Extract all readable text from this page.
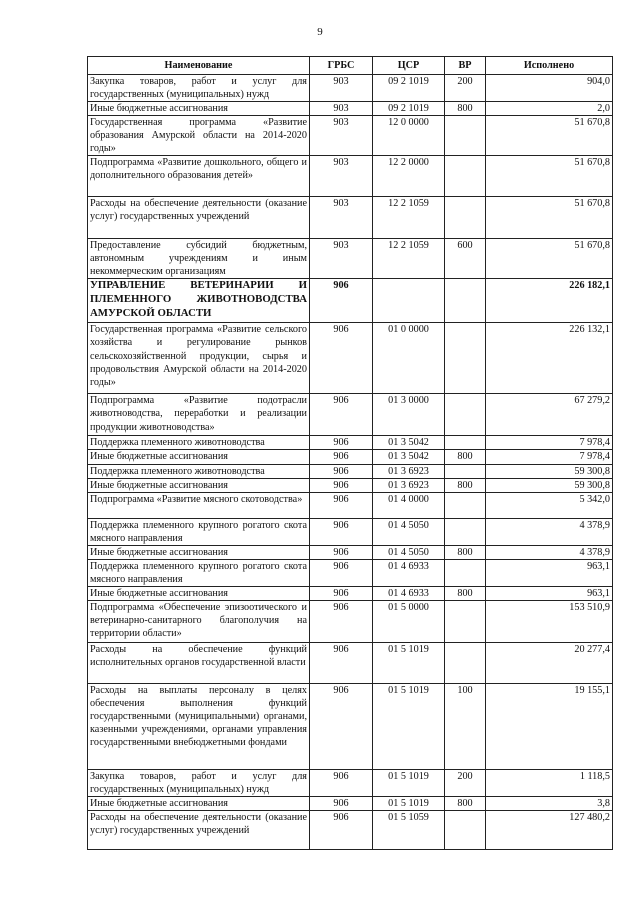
9
Наименование	ГРБС	ЦСР	ВР	Исполнено
Закупка товаров, работ и услуг для государственных (муниципальных) нужд	903	09 2 1019	200	904,0
Иные бюджетные ассигнования	903	09 2 1019	800	2,0
Государственная программа «Развитие образования Амурской области на 2014-2020 годы»	903	12 0 0000		51 670,8
Подпрограмма «Развитие дошкольного, общего и дополнительного образования детей»	903	12 2 0000		51 670,8
Расходы на обеспечение деятельности (оказание услуг) государственных учреждений	903	12 2 1059		51 670,8
Предоставление субсидий бюджетным, автономным учреждениям и иным некоммерческим организациям	903	12 2 1059	600	51 670,8
УПРАВЛЕНИЕ ВЕТЕРИНАРИИ И ПЛЕМЕННОГО ЖИВОТНОВОДСТВА АМУРСКОЙ ОБЛАСТИ	906			226 182,1
Государственная программа «Развитие сельского хозяйства и регулирование рынков сельскохозяйственной продукции, сырья и продовольствия Амурской области на 2014-2020 годы»	906	01 0 0000		226 132,1
Подпрограмма «Развитие подотрасли животноводства, переработки и реализации продукции животноводства»	906	01 3 0000		67 279,2
Поддержка племенного животноводства	906	01 3 5042		7 978,4
Иные бюджетные ассигнования	906	01 3 5042	800	7 978,4
Поддержка племенного животноводства	906	01 3 6923		59 300,8
Иные бюджетные ассигнования	906	01 3 6923	800	59 300,8
Подпрограмма «Развитие мясного скотоводства»	906	01 4 0000		5 342,0
Поддержка племенного крупного рогатого скота мясного направления	906	01 4 5050		4 378,9
Иные бюджетные ассигнования	906	01 4 5050	800	4 378,9
Поддержка племенного крупного рогатого скота мясного направления	906	01 4 6933		963,1
Иные бюджетные ассигнования	906	01 4 6933	800	963,1
Подпрограмма «Обеспечение эпизоотического и ветеринарно-санитарного благополучия на территории области»	906	01 5 0000		153 510,9
Расходы на обеспечение функций исполнительных органов государственной власти	906	01 5 1019		20 277,4
Расходы на выплаты персоналу в целях обеспечения выполнения функций государственными (муниципальными) органами, казенными учреждениями, органами управления государственными внебюджетными фондами	906	01 5 1019	100	19 155,1
Закупка товаров, работ и услуг для государственных (муниципальных) нужд	906	01 5 1019	200	1 118,5
Иные бюджетные ассигнования	906	01 5 1019	800	3,8
Расходы на обеспечение деятельности (оказание услуг) государственных учреждений	906	01 5 1059		127 480,2
